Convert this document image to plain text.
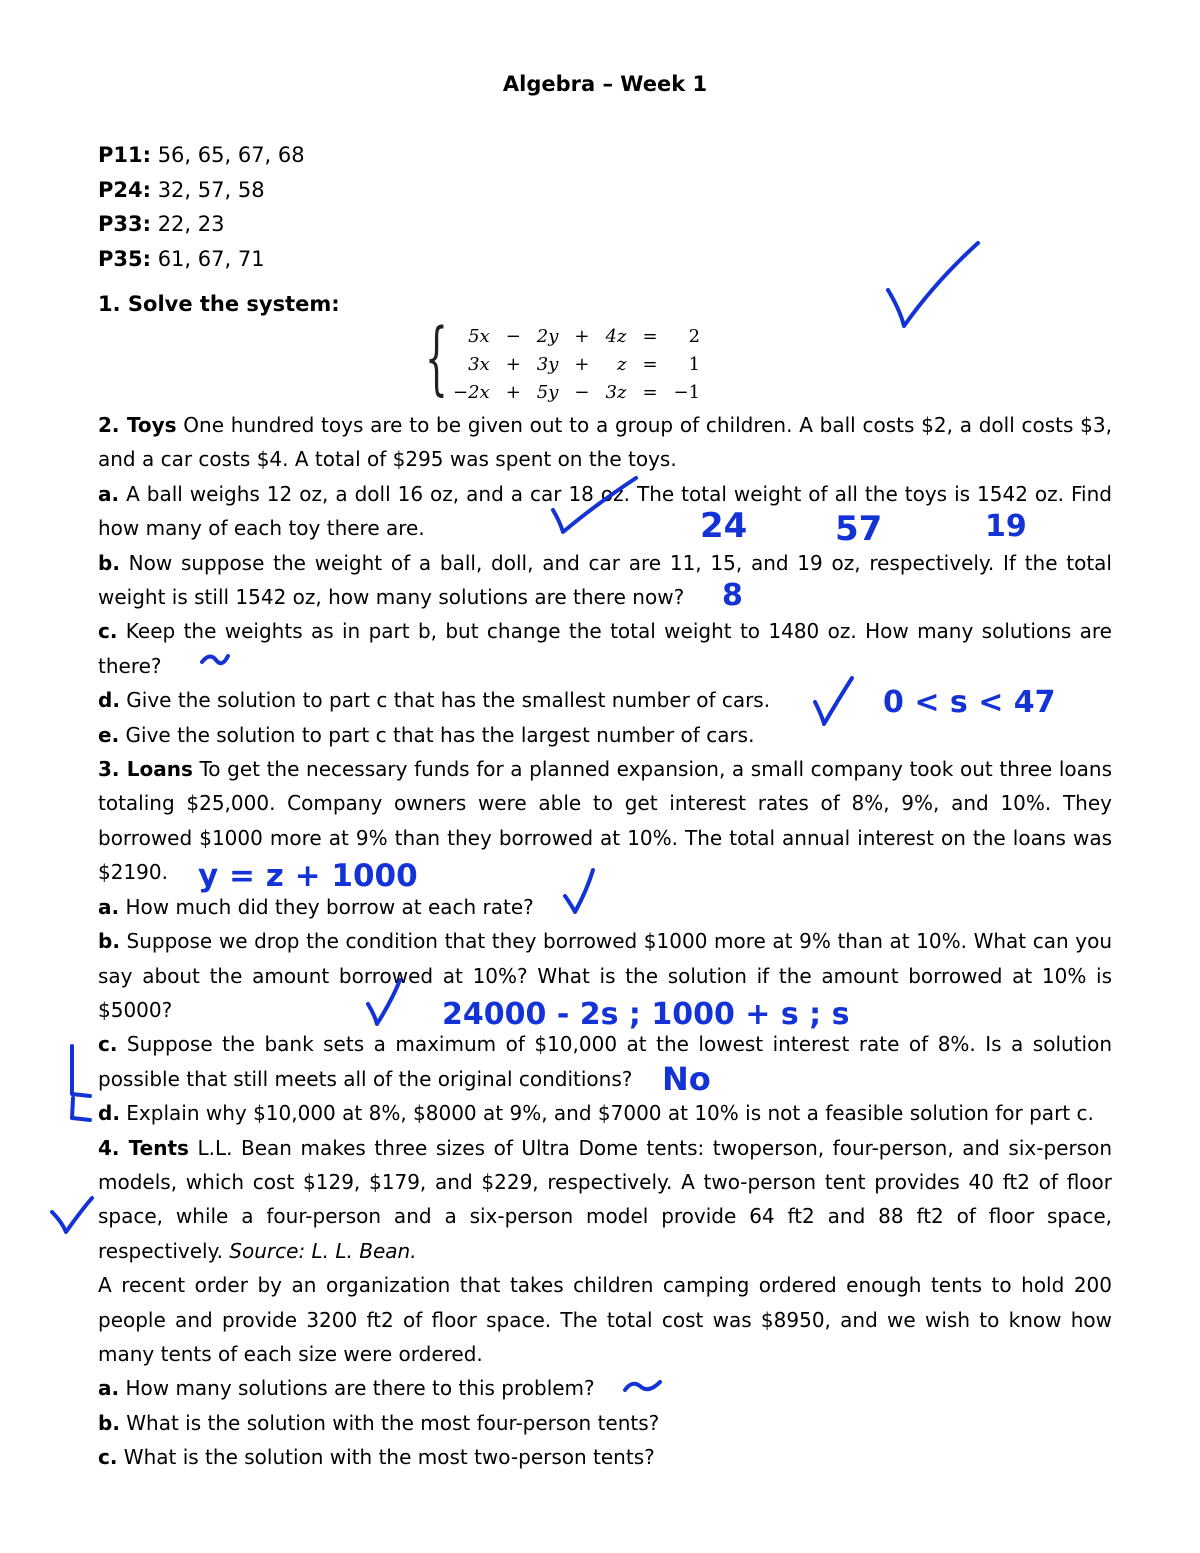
Algebra – Week 1
P11: 56, 65, 67, 68
P24: 32, 57, 58
P33: 22, 23
P35: 61, 67, 71
1. Solve the system:
{ 5x	−	2y	+	4z	=	2
3x	+	3y	+	z	=	1
−2x	+	5y	−	3z	=	−1

2. Toys One hundred toys are to be given out to a group of children. A ball costs $2, a doll costs $3, and a car costs $4. A total of $295 was spent on the toys.

a. A ball weighs 12 oz, a doll 16 oz, and a car 18 oz. The total weight of all the toys is 1542 oz. Find how many of each toy there are.

b. Now suppose the weight of a ball, doll, and car are 11, 15, and 19 oz, respectively. If the total weight is still 1542 oz, how many solutions are there now?

c. Keep the weights as in part b, but change the total weight to 1480 oz. How many solutions are there?

d. Give the solution to part c that has the smallest number of cars.

e. Give the solution to part c that has the largest number of cars.

3. Loans To get the necessary funds for a planned expansion, a small company took out three loans totaling $25,000. Company owners were able to get interest rates of 8%, 9%, and 10%. They borrowed $1000 more at 9% than they borrowed at 10%. The total annual interest on the loans was $2190.

a. How much did they borrow at each rate?

b. Suppose we drop the condition that they borrowed $1000 more at 9% than at 10%. What can you say about the amount borrowed at 10%? What is the solution if the amount borrowed at 10% is $5000?

c. Suppose the bank sets a maximum of $10,000 at the lowest interest rate of 8%. Is a solution possible that still meets all of the original conditions?

d. Explain why $10,000 at 8%, $8000 at 9%, and $7000 at 10% is not a feasible solution for part c.

4. Tents L.L. Bean makes three sizes of Ultra Dome tents: twoperson, four-person, and six-person models, which cost $129, $179, and $229, respectively. A two-person tent provides 40 ft2 of floor space, while a four-person and a six-person model provide 64 ft2 and 88 ft2 of floor space, respectively. Source: L. L. Bean.

A recent order by an organization that takes children camping ordered enough tents to hold 200 people and provide 3200 ft2 of floor space. The total cost was $8950, and we wish to know how many tents of each size were ordered.

a. How many solutions are there to this problem?

b. What is the solution with the most four-person tents?

c. What is the solution with the most two-person tents?

24	57	19
8
0 < s < 47
y = z + 1000
24000 - 2s ; 1000 + s ; s
No
